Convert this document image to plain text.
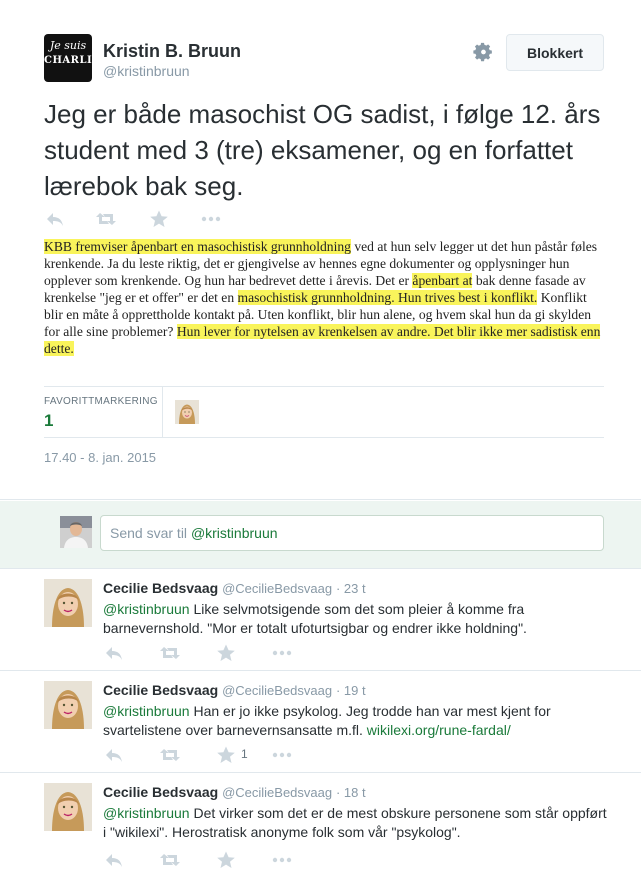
Je suis
CHARLIE Kristin B. Bruun
@kristinbruun
Blokkert
Jeg er både masochist OG sadist, i følge 12. års student med 3 (tre) eksamener, og en forfattet lærebok bak seg.
KBB fremviser åpenbart en masochistisk grunnholdning ved at hun selv legger ut det hun påstår føles krenkende. Ja du leste riktig, det er gjengivelse av hennes egne dokumenter og opplysninger hun opplever som krenkende. Og hun har bedrevet dette i årevis. Det er åpenbart at bak denne fasade av krenkelse "jeg er et offer" er det en masochistisk grunnholdning. Hun trives best i konflikt. Konflikt blir en måte å opprettholde kontakt på. Uten konflikt, blir hun alene, og hvem skal hun da gi skylden for alle sine problemer? Hun lever for nytelsen av krenkelsen av andre. Det blir ikke mer sadistisk enn dette.
FAVORITTMARKERING
1
17.40 - 8. jan. 2015
Send svar til @kristinbruun
Cecilie Bedsvaag @CecilieBedsvaag · 23 t
@kristinbruun Like selvmotsigende som det som pleier å komme fra barnevernshold. "Mor er totalt ufoturtsigbar og endrer ikke holdning".
Cecilie Bedsvaag @CecilieBedsvaag · 19 t
@kristinbruun Han er jo ikke psykolog. Jeg trodde han var mest kjent for svartelistene over barnevernsansatte m.fl. wikilexi.org/rune-fardal/
1
Cecilie Bedsvaag @CecilieBedsvaag · 18 t
@kristinbruun Det virker som det er de mest obskure personene som står oppført i "wikilexi". Herostratisk anonyme folk som vår "psykolog".
